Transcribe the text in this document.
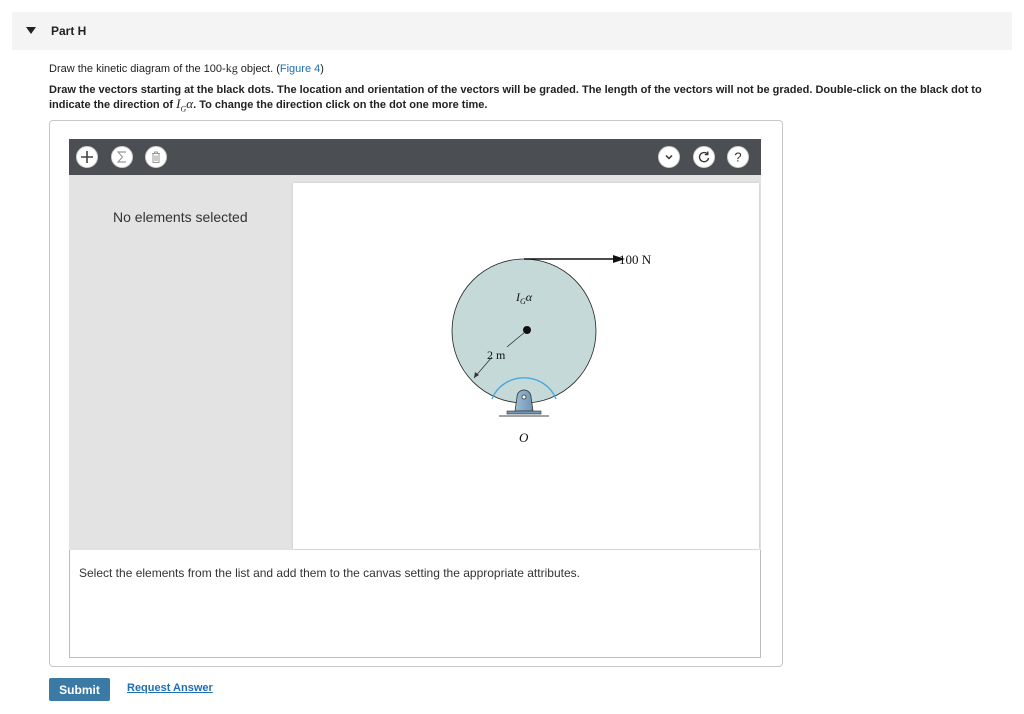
Part H
Draw the kinetic diagram of the 100-kg object. (Figure 4)
Draw the vectors starting at the black dots. The location and orientation of the vectors will be graded. The length of the vectors will not be graded. Double-click on the black dot to indicate the direction of $I_G\alpha$. To change the direction click on the dot one more time.
?
No elements selected
100 N
$I_G\alpha$
2 m
O
Select the elements from the list and add them to the canvas setting the appropriate attributes.
Submit	Request Answer
